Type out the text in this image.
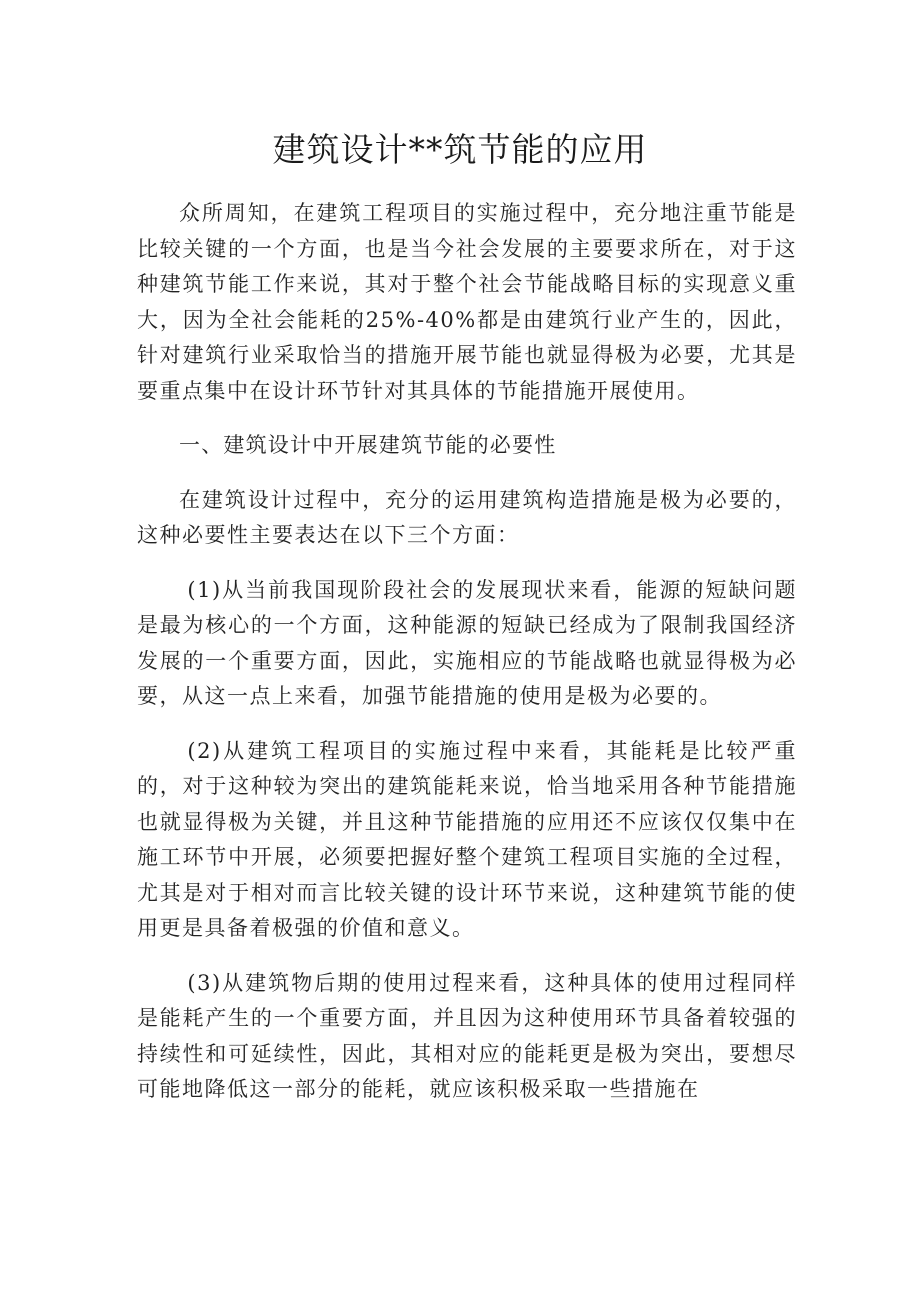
建筑设计**筑节能的应用

众所周知，在建筑工程项目的实施过程中，充分地注重节能是比较关键的一个方面，也是当今社会发展的主要要求所在，对于这种建筑节能工作来说，其对于整个社会节能战略目标的实现意义重大，因为全社会能耗的25%-40%都是由建筑行业产生的，因此，针对建筑行业采取恰当的措施开展节能也就显得极为必要，尤其是要重点集中在设计环节针对其具体的节能措施开展使用。

一、建筑设计中开展建筑节能的必要性

在建筑设计过程中，充分的运用建筑构造措施是极为必要的，这种必要性主要表达在以下三个方面：

(1)从当前我国现阶段社会的发展现状来看，能源的短缺问题是最为核心的一个方面，这种能源的短缺已经成为了限制我国经济发展的一个重要方面，因此，实施相应的节能战略也就显得极为必要，从这一点上来看，加强节能措施的使用是极为必要的。

(2)从建筑工程项目的实施过程中来看，其能耗是比较严重的，对于这种较为突出的建筑能耗来说，恰当地采用各种节能措施也就显得极为关键，并且这种节能措施的应用还不应该仅仅集中在施工环节中开展，必须要把握好整个建筑工程项目实施的全过程，尤其是对于相对而言比较关键的设计环节来说，这种建筑节能的使用更是具备着极强的价值和意义。

(3)从建筑物后期的使用过程来看，这种具体的使用过程同样是能耗产生的一个重要方面，并且因为这种使用环节具备着较强的持续性和可延续性，因此，其相对应的能耗更是极为突出，要想尽可能地降低这一部分的能耗，就应该积极采取一些措施在
